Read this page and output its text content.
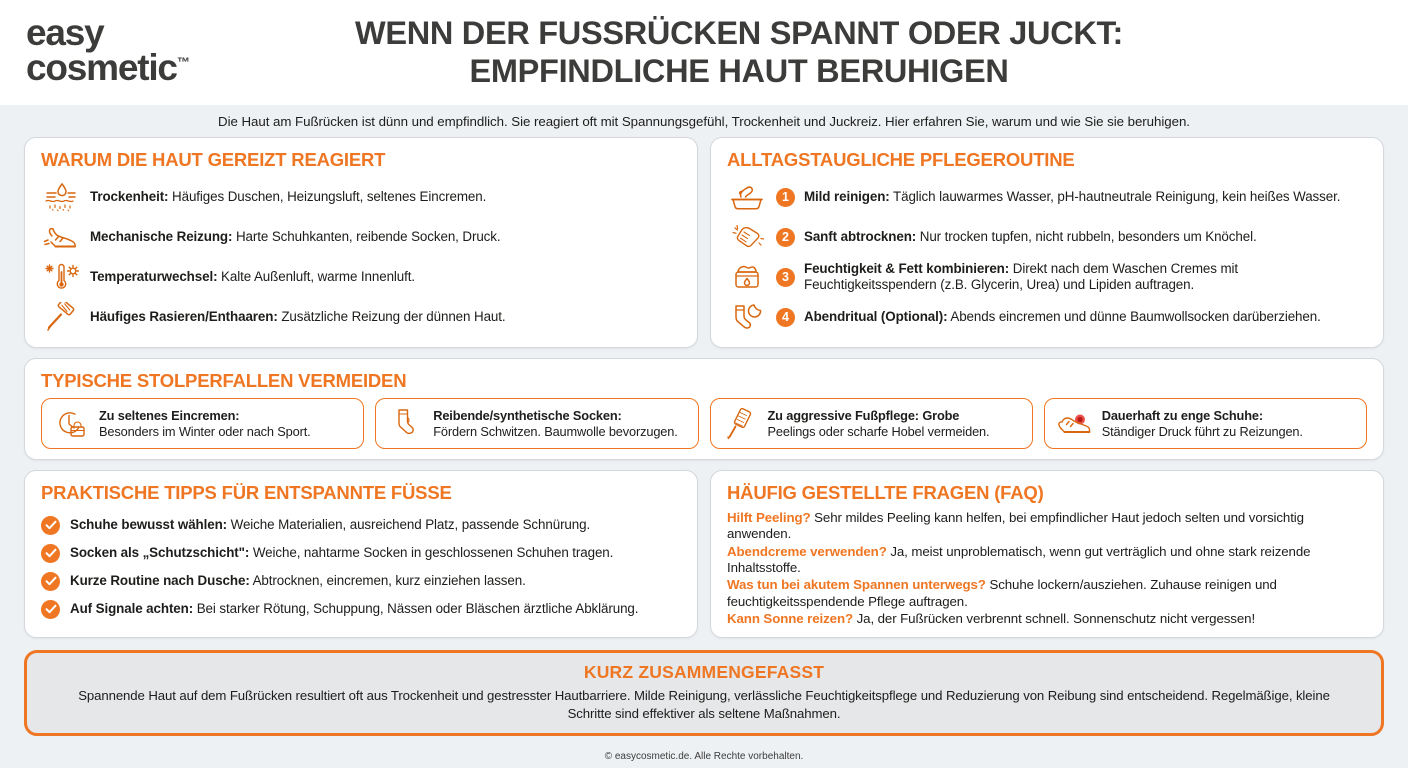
easy
cosmetic™
WENN DER FUSSRÜCKEN SPANNT ODER JUCKT:
EMPFINDLICHE HAUT BERUHIGEN
Die Haut am Fußrücken ist dünn und empfindlich. Sie reagiert oft mit Spannungsgefühl, Trockenheit und Juckreiz. Hier erfahren Sie, warum und wie Sie sie beruhigen.
WARUM DIE HAUT GEREIZT REAGIERT
Trockenheit: Häufiges Duschen, Heizungsluft, seltenes Eincremen.
Mechanische Reizung: Harte Schuhkanten, reibende Socken, Druck.
Temperaturwechsel: Kalte Außenluft, warme Innenluft.
Häufiges Rasieren/Enthaaren: Zusätzliche Reizung der dünnen Haut.
ALLTAGSTAUGLICHE PFLEGEROUTINE
1	Mild reinigen: Täglich lauwarmes Wasser, pH-hautneutrale Reinigung, kein heißes Wasser.
2	Sanft abtrocknen: Nur trocken tupfen, nicht rubbeln, besonders um Knöchel.
3
Feuchtigkeit & Fett kombinieren: Direkt nach dem Waschen Cremes mit Feuchtigkeitsspendern (z.B. Glycerin, Urea) und Lipiden auftragen.
4	Abendritual (Optional): Abends eincremen und dünne Baumwollsocken darüberziehen.
TYPISCHE STOLPERFALLEN VERMEIDEN
Zu seltenes Eincremen:
Besonders im Winter oder nach Sport.
Reibende/synthetische Socken:
Fördern Schwitzen. Baumwolle bevorzugen.
Zu aggressive Fußpflege: Grobe
Peelings oder scharfe Hobel vermeiden.
Dauerhaft zu enge Schuhe:
Ständiger Druck führt zu Reizungen.
PRAKTISCHE TIPPS FÜR ENTSPANNTE FÜSSE
Schuhe bewusst wählen: Weiche Materialien, ausreichend Platz, passende Schnürung.
Socken als „Schutzschicht": Weiche, nahtarme Socken in geschlossenen Schuhen tragen.
Kurze Routine nach Dusche: Abtrocknen, eincremen, kurz einziehen lassen.
Auf Signale achten: Bei starker Rötung, Schuppung, Nässen oder Bläschen ärztliche Abklärung.
HÄUFIG GESTELLTE FRAGEN (FAQ)

Hilft Peeling? Sehr mildes Peeling kann helfen, bei empfindlicher Haut jedoch selten und vorsichtig anwenden.

Abendcreme verwenden? Ja, meist unproblematisch, wenn gut verträglich und ohne stark reizende Inhaltsstoffe.

Was tun bei akutem Spannen unterwegs? Schuhe lockern/ausziehen. Zuhause reinigen und feuchtigkeitsspendende Pflege auftragen.

Kann Sonne reizen? Ja, der Fußrücken verbrennt schnell. Sonnenschutz nicht vergessen!

KURZ ZUSAMMENGEFASST
Spannende Haut auf dem Fußrücken resultiert oft aus Trockenheit und gestresster Hautbarriere. Milde Reinigung, verlässliche Feuchtigkeitspflege und Reduzierung von Reibung sind entscheidend. Regelmäßige, kleine Schritte sind effektiver als seltene Maßnahmen.
© easycosmetic.de. Alle Rechte vorbehalten.
